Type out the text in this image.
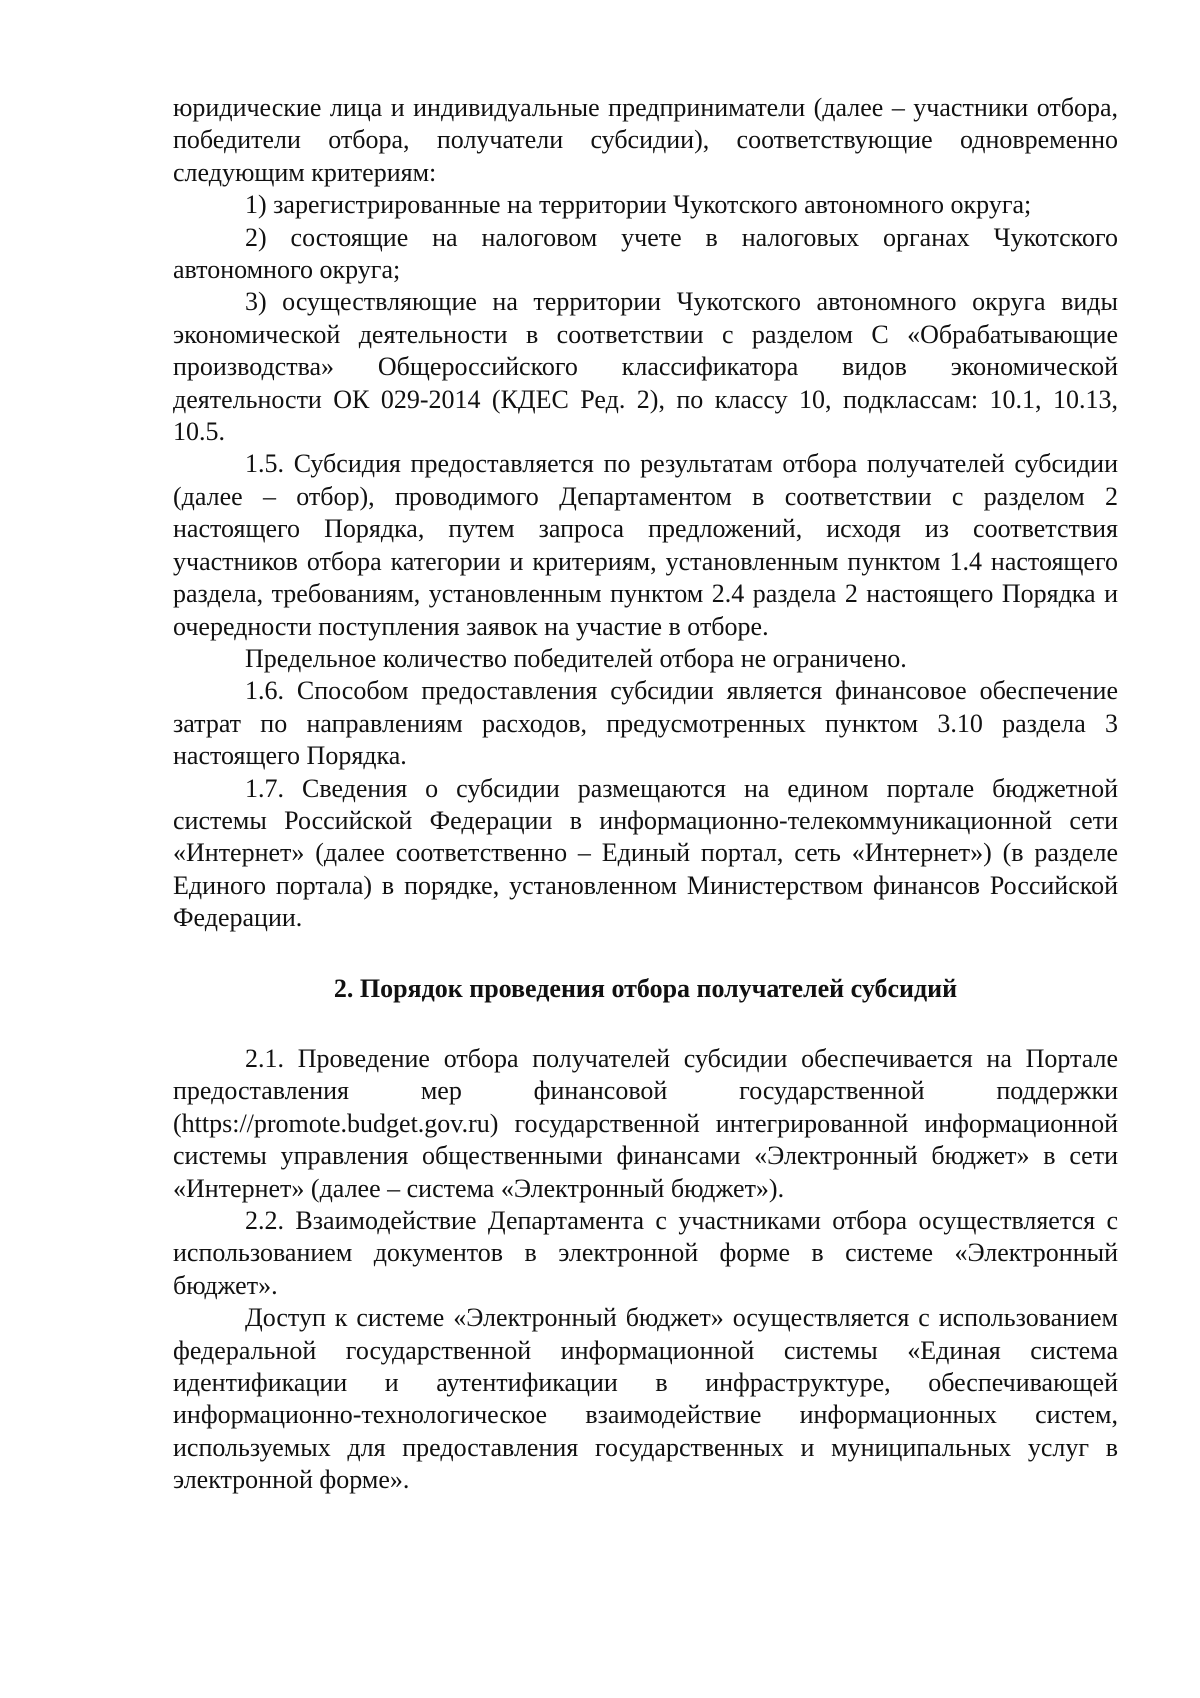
юридические лица и индивидуальные предприниматели (далее – участники отбора, победители отбора, получатели субсидии), соответствующие одновременно следующим критериям:

1) зарегистрированные на территории Чукотского автономного округа;

2) состоящие на налоговом учете в налоговых органах Чукотского автономного округа;

3) осуществляющие на территории Чукотского автономного округа виды экономической деятельности в соответствии с разделом С «Обрабатывающие производства» Общероссийского классификатора видов экономической деятельности ОК 029-2014 (КДЕС Ред. 2), по классу 10, подклассам: 10.1, 10.13, 10.5.

1.5. Субсидия предоставляется по результатам отбора получателей субсидии (далее – отбор), проводимого Департаментом в соответствии с разделом 2 настоящего Порядка, путем запроса предложений, исходя из соответствия участников отбора категории и критериям, установленным пунктом 1.4 настоящего раздела, требованиям, установленным пунктом 2.4 раздела 2 настоящего Порядка и очередности поступления заявок на участие в отборе.

Предельное количество победителей отбора не ограничено.

1.6. Способом предоставления субсидии является финансовое обеспечение затрат по направлениям расходов, предусмотренных пунктом 3.10 раздела 3 настоящего Порядка.

1.7. Сведения о субсидии размещаются на едином портале бюджетной системы Российской Федерации в информационно-телекоммуникационной сети «Интернет» (далее соответственно – Единый портал, сеть «Интернет») (в разделе Единого портала) в порядке, установленном Министерством финансов Российской Федерации.

2. Порядок проведения отбора получателей субсидий

2.1. Проведение отбора получателей субсидии обеспечивается на Портале предоставления мер финансовой государственной поддержки (https://promote.budget.gov.ru) государственной интегрированной информационной системы управления общественными финансами «Электронный бюджет» в сети «Интернет» (далее – система «Электронный бюджет»).

2.2. Взаимодействие Департамента с участниками отбора осуществляется с использованием документов в электронной форме в системе «Электронный бюджет».

Доступ к системе «Электронный бюджет» осуществляется с использованием федеральной государственной информационной системы «Единая система идентификации и аутентификации в инфраструктуре, обеспечивающей информационно-технологическое взаимодействие информационных систем, используемых для предоставления государственных и муниципальных услуг в электронной форме».
